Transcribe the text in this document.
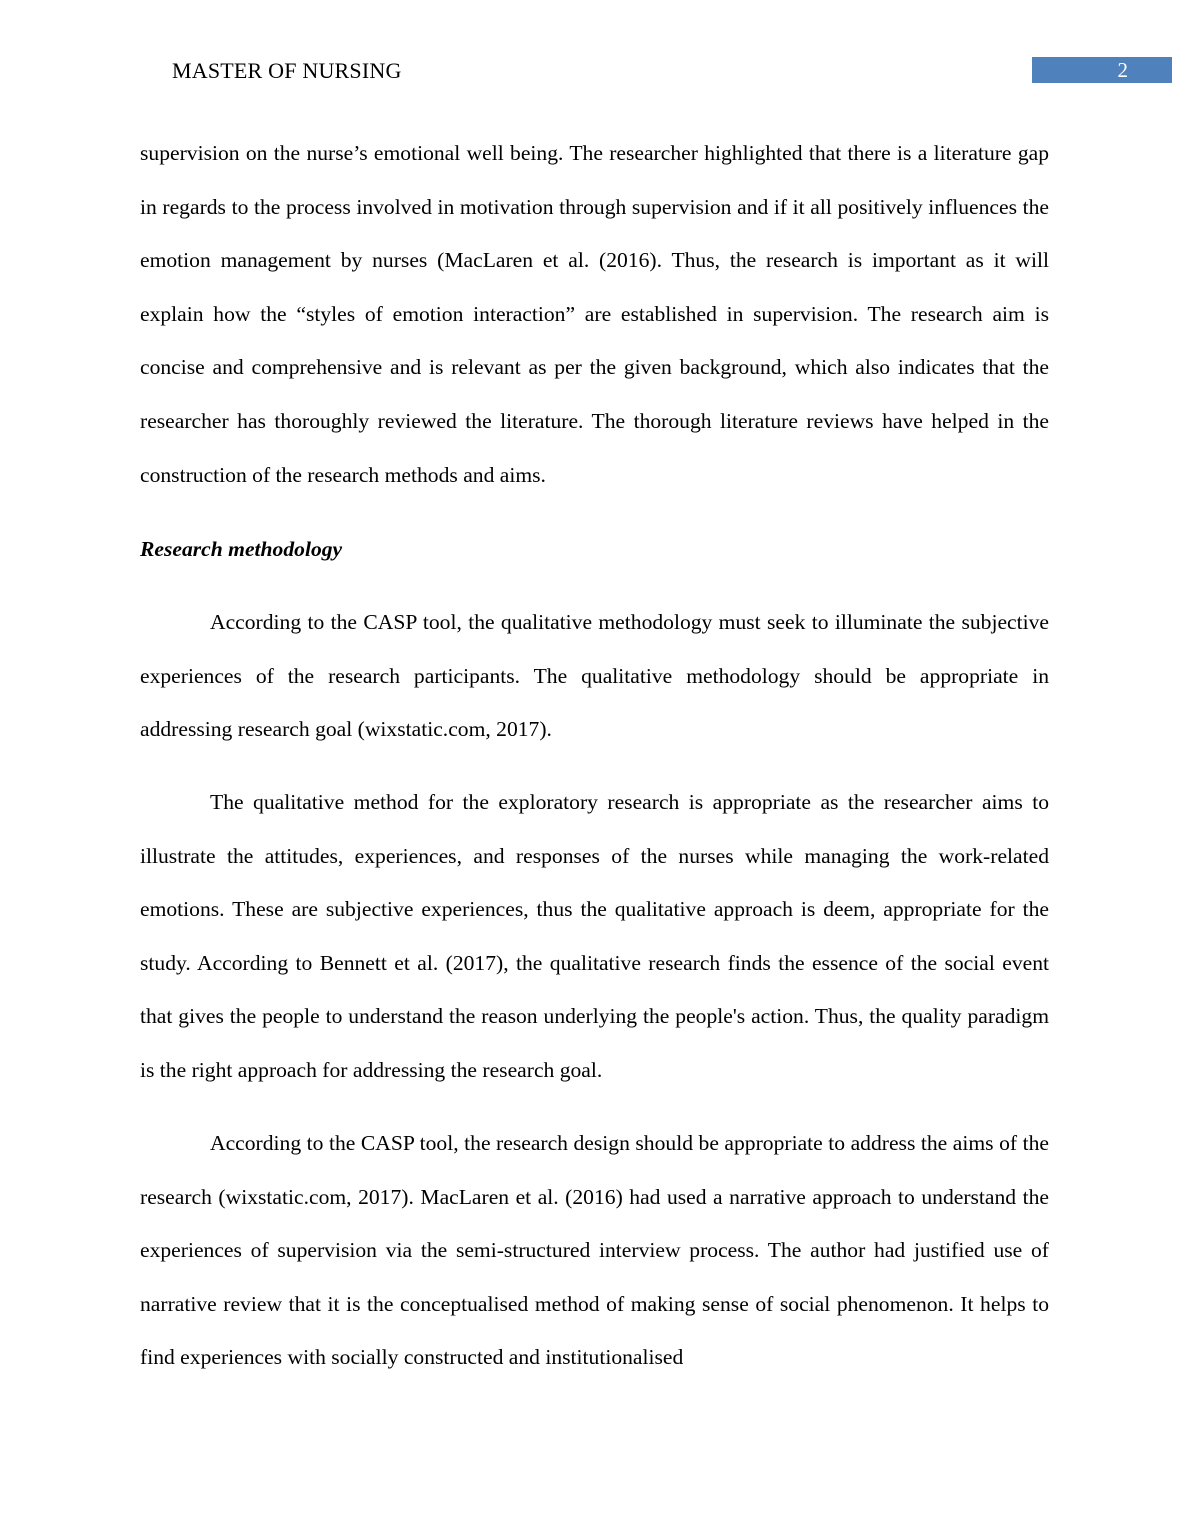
MASTER OF NURSING	2

supervision on the nurse’s emotional well being. The researcher highlighted that there is a literature gap in regards to the process involved in motivation through supervision and if it all positively influences the emotion management by nurses (MacLaren et al. (2016). Thus, the research is important as it will explain how the “styles of emotion interaction” are established in supervision. The research aim is concise and comprehensive and is relevant as per the given background, which also indicates that the researcher has thoroughly reviewed the literature. The thorough literature reviews have helped in the construction of the research methods and aims.

Research methodology

According to the CASP tool, the qualitative methodology must seek to illuminate the subjective experiences of the research participants. The qualitative methodology should be appropriate in addressing research goal (wixstatic.com, 2017).

The qualitative method for the exploratory research is appropriate as the researcher aims to illustrate the attitudes, experiences, and responses of the nurses while managing the work-related emotions. These are subjective experiences, thus the qualitative approach is deem, appropriate for the study. According to Bennett et al. (2017), the qualitative research finds the essence of the social event that gives the people to understand the reason underlying the people's action. Thus, the quality paradigm is the right approach for addressing the research goal.

According to the CASP tool, the research design should be appropriate to address the aims of the research (wixstatic.com, 2017). MacLaren et al. (2016) had used a narrative approach to understand the experiences of supervision via the semi-structured interview process. The author had justified use of narrative review that it is the conceptualised method of making sense of social phenomenon. It helps to find experiences with socially constructed and institutionalised
